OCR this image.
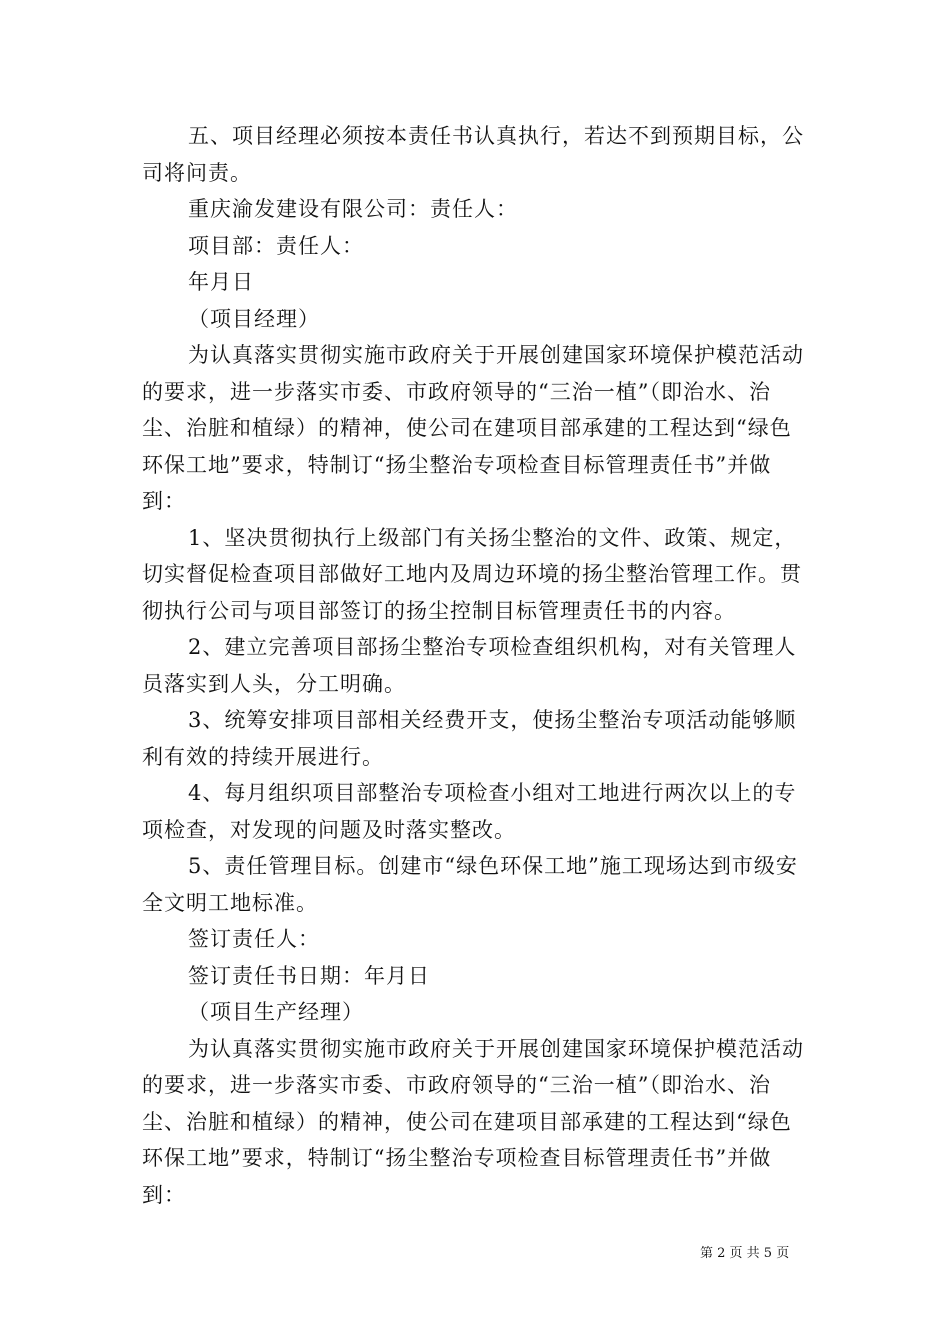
五、项目经理必须按本责任书认真执行，若达不到预期目标，公司将问责。

重庆渝发建设有限公司：责任人：

项目部：责任人：

年月日

（项目经理）

为认真落实贯彻实施市政府关于开展创建国家环境保护模范活动的要求，进一步落实市委、市政府领导的“三治一植”（即治水、治尘、治脏和植绿）的精神，使公司在建项目部承建的工程达到“绿色环保工地”要求，特制订“扬尘整治专项检查目标管理责任书”并做到：

1、坚决贯彻执行上级部门有关扬尘整治的文件、政策、规定，切实督促检查项目部做好工地内及周边环境的扬尘整治管理工作。贯彻执行公司与项目部签订的扬尘控制目标管理责任书的内容。

2、建立完善项目部扬尘整治专项检查组织机构，对有关管理人员落实到人头，分工明确。

3、统筹安排项目部相关经费开支，使扬尘整治专项活动能够顺利有效的持续开展进行。

4、每月组织项目部整治专项检查小组对工地进行两次以上的专项检查，对发现的问题及时落实整改。

5、责任管理目标。创建市“绿色环保工地”施工现场达到市级安全文明工地标准。

签订责任人：

签订责任书日期：年月日

（项目生产经理）

为认真落实贯彻实施市政府关于开展创建国家环境保护模范活动的要求，进一步落实市委、市政府领导的“三治一植”（即治水、治尘、治脏和植绿）的精神，使公司在建项目部承建的工程达到“绿色环保工地”要求，特制订“扬尘整治专项检查目标管理责任书”并做到：

第 2 页 共 5 页
